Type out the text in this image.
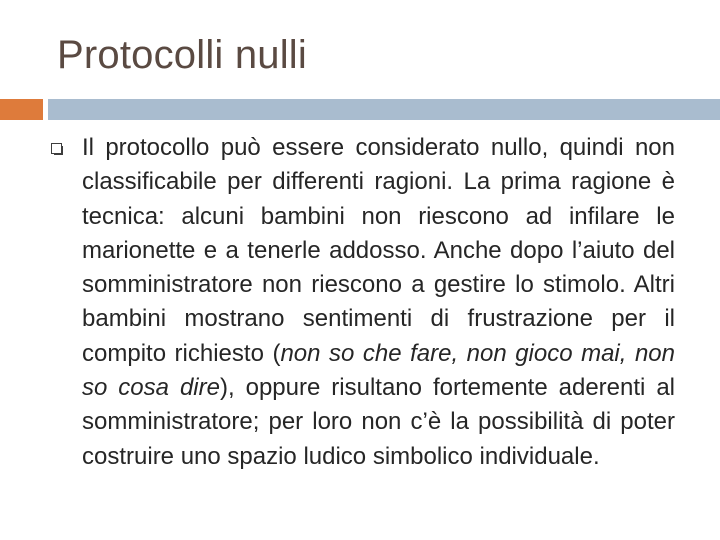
Protocolli nulli
Il protocollo può essere considerato nullo, quindi non classificabile per differenti ragioni. La prima ragione è tecnica: alcuni bambini non riescono ad infilare le marionette e a tenerle addosso. Anche dopo l’aiuto del somministratore non riescono a gestire lo stimolo. Altri bambini mostrano sentimenti di frustrazione per il compito richiesto (non so che fare, non gioco mai, non so cosa dire), oppure risultano fortemente aderenti al somministratore; per loro non c’è la possibilità di poter costruire uno spazio ludico simbolico individuale.
